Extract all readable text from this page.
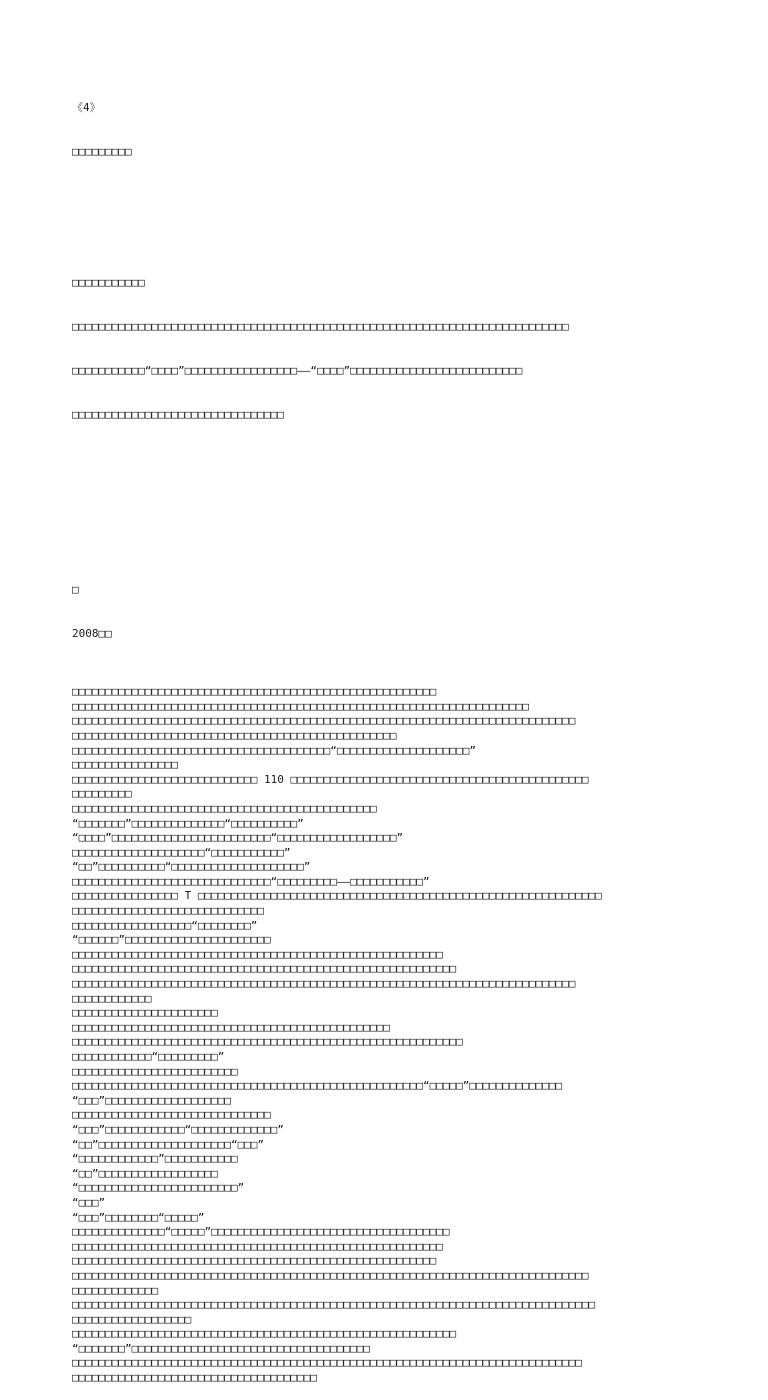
《4》

□□□□□□□□□

□□□□□□□□□□□

□□□□□□□□□□□□□□□□□□□□□□□□□□□□□□□□□□□□□□□□□□□□□□□□□□□□□□□□□□□□□□□□□□□□□□□□□□□

□□□□□□□□□□□“□□□□”□□□□□□□□□□□□□□□□□——“□□□□”□□□□□□□□□□□□□□□□□□□□□□□□□□

□□□□□□□□□□□□□□□□□□□□□□□□□□□□□□□□

□

2008□□

□□□□□□□□□□□□□□□□□□□□□□□□□□□□□□□□□□□□□□□□□□□□□□□□□□□□□□□
□□□□□□□□□□□□□□□□□□□□□□□□□□□□□□□□□□□□□□□□□□□□□□□□□□□□□□□□□□□□□□□□□□□□□
□□□□□□□□□□□□□□□□□□□□□□□□□□□□□□□□□□□□□□□□□□□□□□□□□□□□□□□□□□□□□□□□□□□□□□□□□□□□
□□□□□□□□□□□□□□□□□□□□□□□□□□□□□□□□□□□□□□□□□□□□□□□□□
□□□□□□□□□□□□□□□□□□□□□□□□□□□□□□□□□□□□□□□“□□□□□□□□□□□□□□□□□□□□”
□□□□□□□□□□□□□□□□
□□□□□□□□□□□□□□□□□□□□□□□□□□□□ 110 □□□□□□□□□□□□□□□□□□□□□□□□□□□□□□□□□□□□□□□□□□□□□
□□□□□□□□□
□□□□□□□□□□□□□□□□□□□□□□□□□□□□□□□□□□□□□□□□□□□□□□
“□□□□□□□”□□□□□□□□□□□□□□“□□□□□□□□□□”
“□□□□”□□□□□□□□□□□□□□□□□□□□□□□□“□□□□□□□□□□□□□□□□□□”
□□□□□□□□□□□□□□□□□□□□“□□□□□□□□□□□”
“□□”□□□□□□□□□□“□□□□□□□□□□□□□□□□□□□□”
□□□□□□□□□□□□□□□□□□□□□□□□□□□□□□“□□□□□□□□□——□□□□□□□□□□□”
□□□□□□□□□□□□□□□□ T □□□□□□□□□□□□□□□□□□□□□□□□□□□□□□□□□□□□□□□□□□□□□□□□□□□□□□□□□□□□□
□□□□□□□□□□□□□□□□□□□□□□□□□□□□□
□□□□□□□□□□□□□□□□□□“□□□□□□□□”
“□□□□□□”□□□□□□□□□□□□□□□□□□□□□□
□□□□□□□□□□□□□□□□□□□□□□□□□□□□□□□□□□□□□□□□□□□□□□□□□□□□□□□□
□□□□□□□□□□□□□□□□□□□□□□□□□□□□□□□□□□□□□□□□□□□□□□□□□□□□□□□□□□
□□□□□□□□□□□□□□□□□□□□□□□□□□□□□□□□□□□□□□□□□□□□□□□□□□□□□□□□□□□□□□□□□□□□□□□□□□□□
□□□□□□□□□□□□
□□□□□□□□□□□□□□□□□□□□□□
□□□□□□□□□□□□□□□□□□□□□□□□□□□□□□□□□□□□□□□□□□□□□□□□
□□□□□□□□□□□□□□□□□□□□□□□□□□□□□□□□□□□□□□□□□□□□□□□□□□□□□□□□□□□
□□□□□□□□□□□□“□□□□□□□□□”
□□□□□□□□□□□□□□□□□□□□□□□□□
□□□□□□□□□□□□□□□□□□□□□□□□□□□□□□□□□□□□□□□□□□□□□□□□□□□□□“□□□□□”□□□□□□□□□□□□□□
“□□□”□□□□□□□□□□□□□□□□□□□
□□□□□□□□□□□□□□□□□□□□□□□□□□□□□□
“□□□”□□□□□□□□□□□□“□□□□□□□□□□□□□”
“□□”□□□□□□□□□□□□□□□□□□□□“□□□”
“□□□□□□□□□□□□”□□□□□□□□□□□
“□□”□□□□□□□□□□□□□□□□□□
“□□□□□□□□□□□□□□□□□□□□□□□□”
“□□□”
“□□□”□□□□□□□□“□□□□□”
□□□□□□□□□□□□□□“□□□□□”□□□□□□□□□□□□□□□□□□□□□□□□□□□□□□□□□□□□
□□□□□□□□□□□□□□□□□□□□□□□□□□□□□□□□□□□□□□□□□□□□□□□□□□□□□□□□
□□□□□□□□□□□□□□□□□□□□□□□□□□□□□□□□□□□□□□□□□□□□□□□□□□□□□□□
□□□□□□□□□□□□□□□□□□□□□□□□□□□□□□□□□□□□□□□□□□□□□□□□□□□□□□□□□□□□□□□□□□□□□□□□□□□□□□
□□□□□□□□□□□□□
□□□□□□□□□□□□□□□□□□□□□□□□□□□□□□□□□□□□□□□□□□□□□□□□□□□□□□□□□□□□□□□□□□□□□□□□□□□□□□□
□□□□□□□□□□□□□□□□□□
□□□□□□□□□□□□□□□□□□□□□□□□□□□□□□□□□□□□□□□□□□□□□□□□□□□□□□□□□□
“□□□□□□□”□□□□□□□□□□□□□□□□□□□□□□□□□□□□□□□□□□□□
□□□□□□□□□□□□□□□□□□□□□□□□□□□□□□□□□□□□□□□□□□□□□□□□□□□□□□□□□□□□□□□□□□□□□□□□□□□□□
□□□□□□□□□□□□□□□□□□□□□□□□□□□□□□□□□□□□□
